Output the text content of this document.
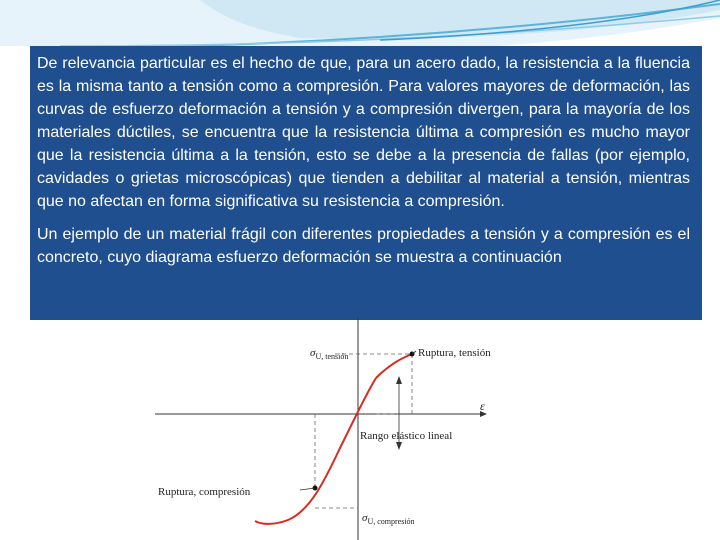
De relevancia particular es el hecho de que, para un acero dado, la resistencia a la fluencia es la misma tanto a tensión como a compresión. Para valores mayores de deformación, las curvas de esfuerzo deformación a tensión y a compresión divergen, para la mayoría de los materiales dúctiles, se encuentra que la resistencia última a compresión es mucho mayor que la resistencia última a la tensión, esto se debe a la presencia de fallas (por ejemplo, cavidades o grietas microscópicas) que tienden a debilitar al material a tensión, mientras que no afectan en forma significativa su resistencia a compresión.

Un ejemplo de un material frágil con diferentes propiedades a tensión y a compresión es el concreto, cuyo diagrama esfuerzo deformación se muestra a continuación

$\sigma_{U, tensión}$	Ruptura, tensión
ε
Rango elástico lineal
Ruptura, compresión
$\sigma_{U, compresión}$
